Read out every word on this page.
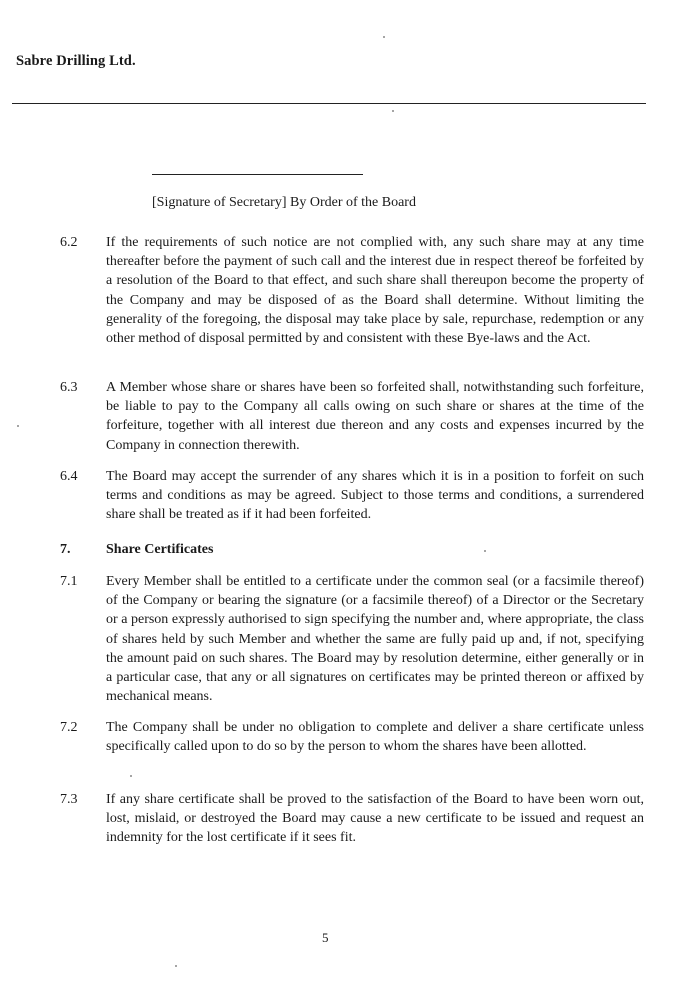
Sabre Drilling Ltd.
[Signature of Secretary] By Order of the Board
6.2 If the requirements of such notice are not complied with, any such share may at any time thereafter before the payment of such call and the interest due in respect thereof be forfeited by a resolution of the Board to that effect, and such share shall thereupon become the property of the Company and may be disposed of as the Board shall determine. Without limiting the generality of the foregoing, the disposal may take place by sale, repurchase, redemption or any other method of disposal permitted by and consistent with these Bye-laws and the Act.
6.3 A Member whose share or shares have been so forfeited shall, notwithstanding such forfeiture, be liable to pay to the Company all calls owing on such share or shares at the time of the forfeiture, together with all interest due thereon and any costs and expenses incurred by the Company in connection therewith.
6.4 The Board may accept the surrender of any shares which it is in a position to forfeit on such terms and conditions as may be agreed. Subject to those terms and conditions, a surrendered share shall be treated as if it had been forfeited.
7.	Share Certificates
7.1 Every Member shall be entitled to a certificate under the common seal (or a facsimile thereof) of the Company or bearing the signature (or a facsimile thereof) of a Director or the Secretary or a person expressly authorised to sign specifying the number and, where appropriate, the class of shares held by such Member and whether the same are fully paid up and, if not, specifying the amount paid on such shares. The Board may by resolution determine, either generally or in a particular case, that any or all signatures on certificates may be printed thereon or affixed by mechanical means.
7.2 The Company shall be under no obligation to complete and deliver a share certificate unless specifically called upon to do so by the person to whom the shares have been allotted.
7.3 If any share certificate shall be proved to the satisfaction of the Board to have been worn out, lost, mislaid, or destroyed the Board may cause a new certificate to be issued and request an indemnity for the lost certificate if it sees fit.
5
